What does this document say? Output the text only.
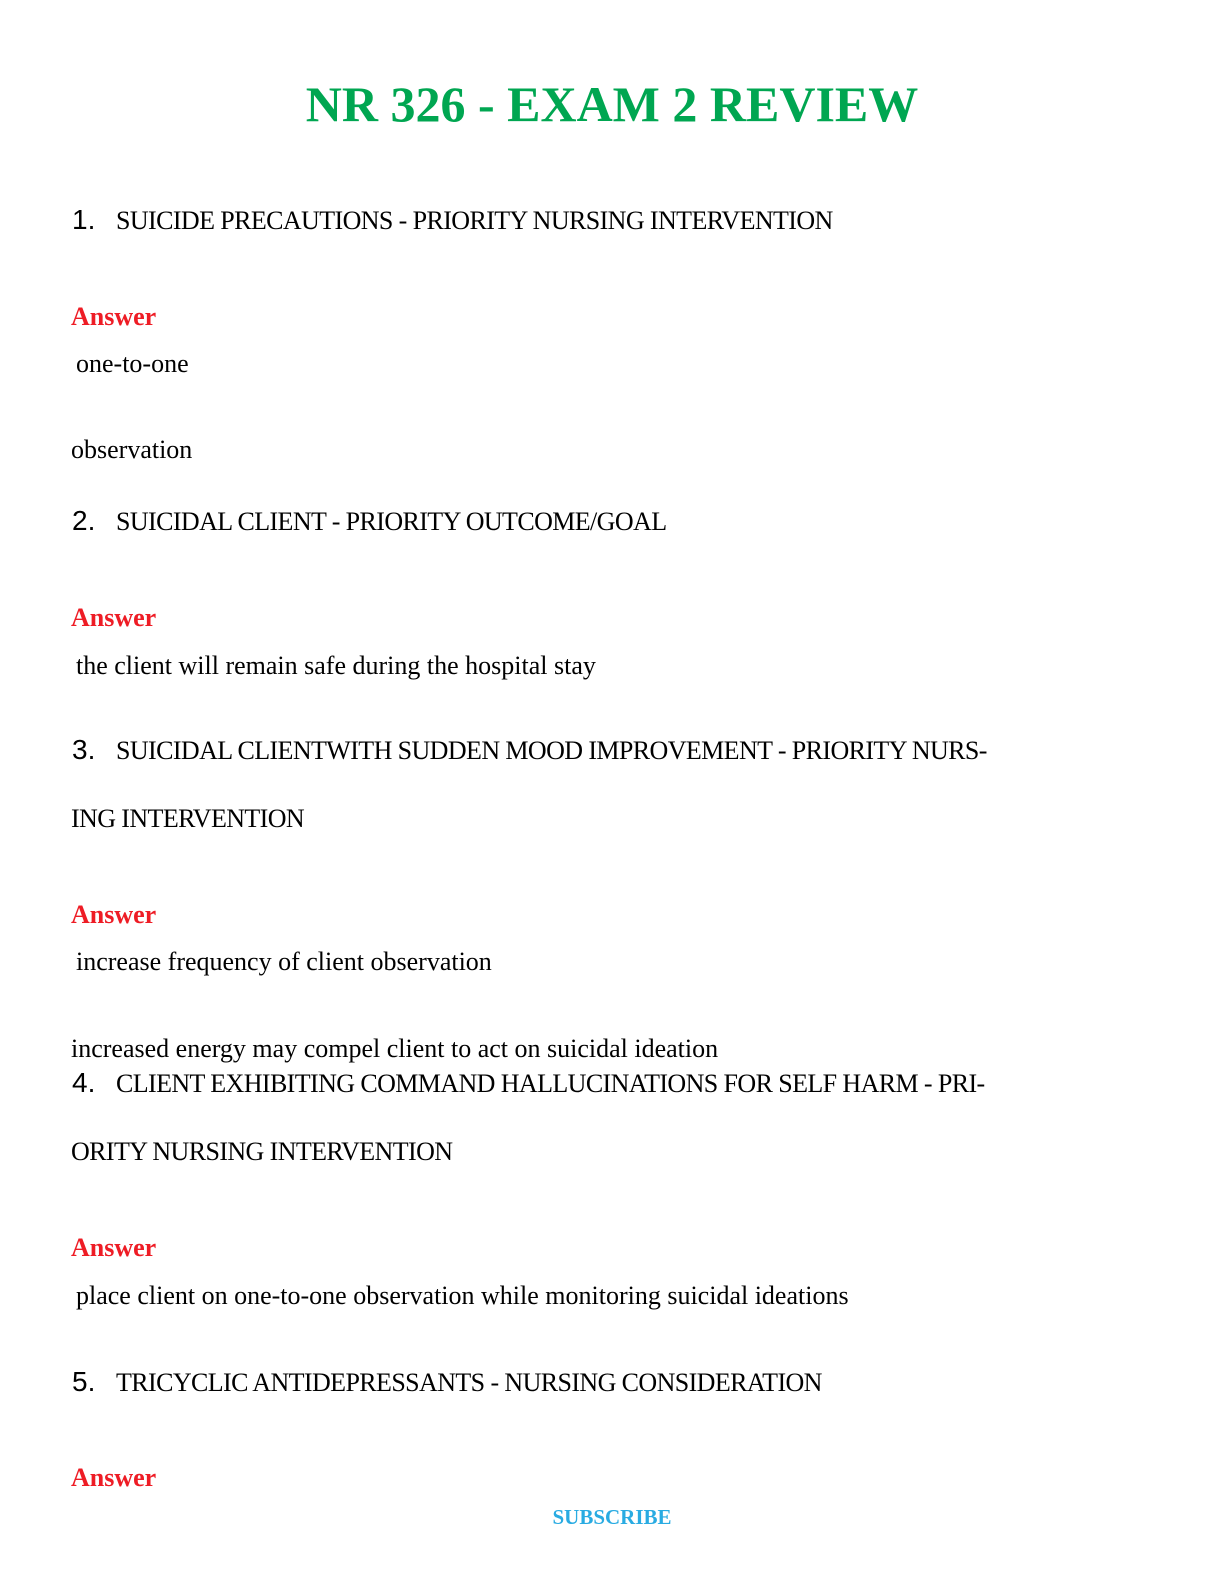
NR 326 - EXAM 2 REVIEW
1. SUICIDE PRECAUTIONS - PRIORITY NURSING INTERVENTION
Answer
one-to-one
observation
2. SUICIDAL CLIENT - PRIORITY OUTCOME/GOAL
Answer
the client will remain safe during the hospital stay
3. SUICIDAL CLIENTWITH SUDDEN MOOD IMPROVEMENT - PRIORITY NURS-
ING INTERVENTION
Answer
increase frequency of client observation
increased energy may compel client to act on suicidal ideation
4. CLIENT EXHIBITING COMMAND HALLUCINATIONS FOR SELF HARM - PRI-
ORITY NURSING INTERVENTION
Answer
place client on one-to-one observation while monitoring suicidal ideations
5. TRICYCLIC ANTIDEPRESSANTS - NURSING CONSIDERATION
Answer
SUBSCRIBE
